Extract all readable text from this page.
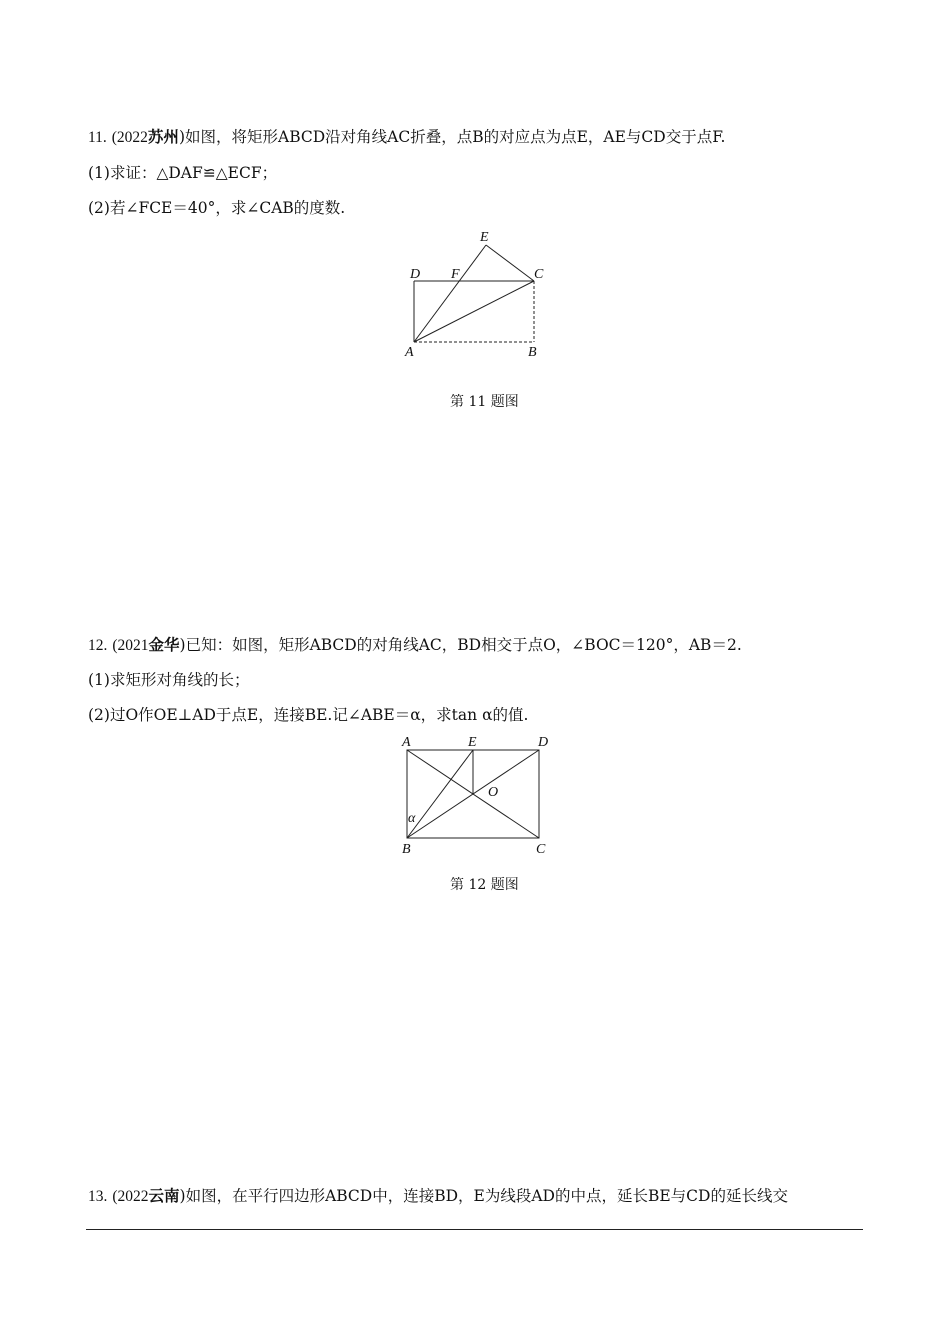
11. (2022苏州)如图，将矩形ABCD沿对角线AC折叠，点B的对应点为点E，AE与CD交于点F.
(1)求证：△DAF≌△ECF；
(2)若∠FCE＝40°，求∠CAB的度数.
E
D F	C
A	B
第 11 题图
12. (2021金华)已知：如图，矩形ABCD的对角线AC，BD相交于点O，∠BOC＝120°，AB＝2.
(1)求矩形对角线的长；
(2)过O作OE⊥AD于点E，连接BE.记∠ABE＝α，求tan α的值.
A	E	D
O
α
B	C
第 12 题图
13. (2022云南)如图，在平行四边形ABCD中，连接BD，E为线段AD的中点，延长BE与CD的延长线交
